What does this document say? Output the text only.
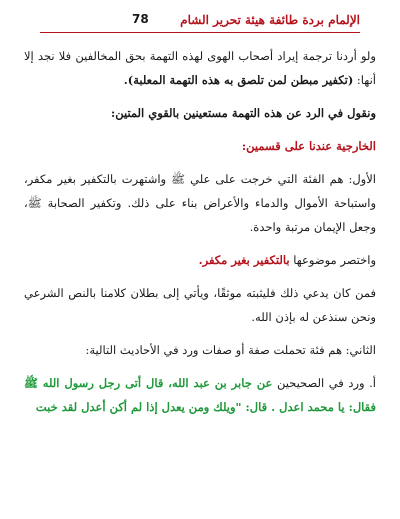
الإلمام بردة طائفة هيئة تحرير الشام
78

ولو أردنا ترجمة إيراد أصحاب الهوى لهذه التهمة بحق المخالفين فلا نجد إلا أنها: (تكفير مبطن لمن تلصق به هذه التهمة المعلبة).

ونقول في الرد عن هذه التهمة مستعينين بالقوي المتين:

الخارجية عندنا على قسمين:

الأول: هم الفئة التي خرجت على علي ﷺ واشتهرت بالتكفير بغير مكفر، واستباحة الأموال والدماء والأعراض بناء على ذلك. وتكفير الصحابة ﷺ، وجعل الإيمان مرتبة واحدة.

واختصر موضوعها بالتكفير بغير مكفر.

فمن كان يدعي ذلك فليثبته موثقًا، ويأتي إلى بطلان كلامنا بالنص الشرعي ونحن سنذعن له بإذن الله.

الثاني: هم فئة تحملت صفة أو صفات ورد في الأحاديث التالية:

أ. ورد في الصحيحين عن جابر بن عبد الله، قال أتى رجل رسول الله ﷺ فقال: يا محمد اعدل . قال: "ويلك ومن يعدل إذا لم أكن أعدل لقد خبت
